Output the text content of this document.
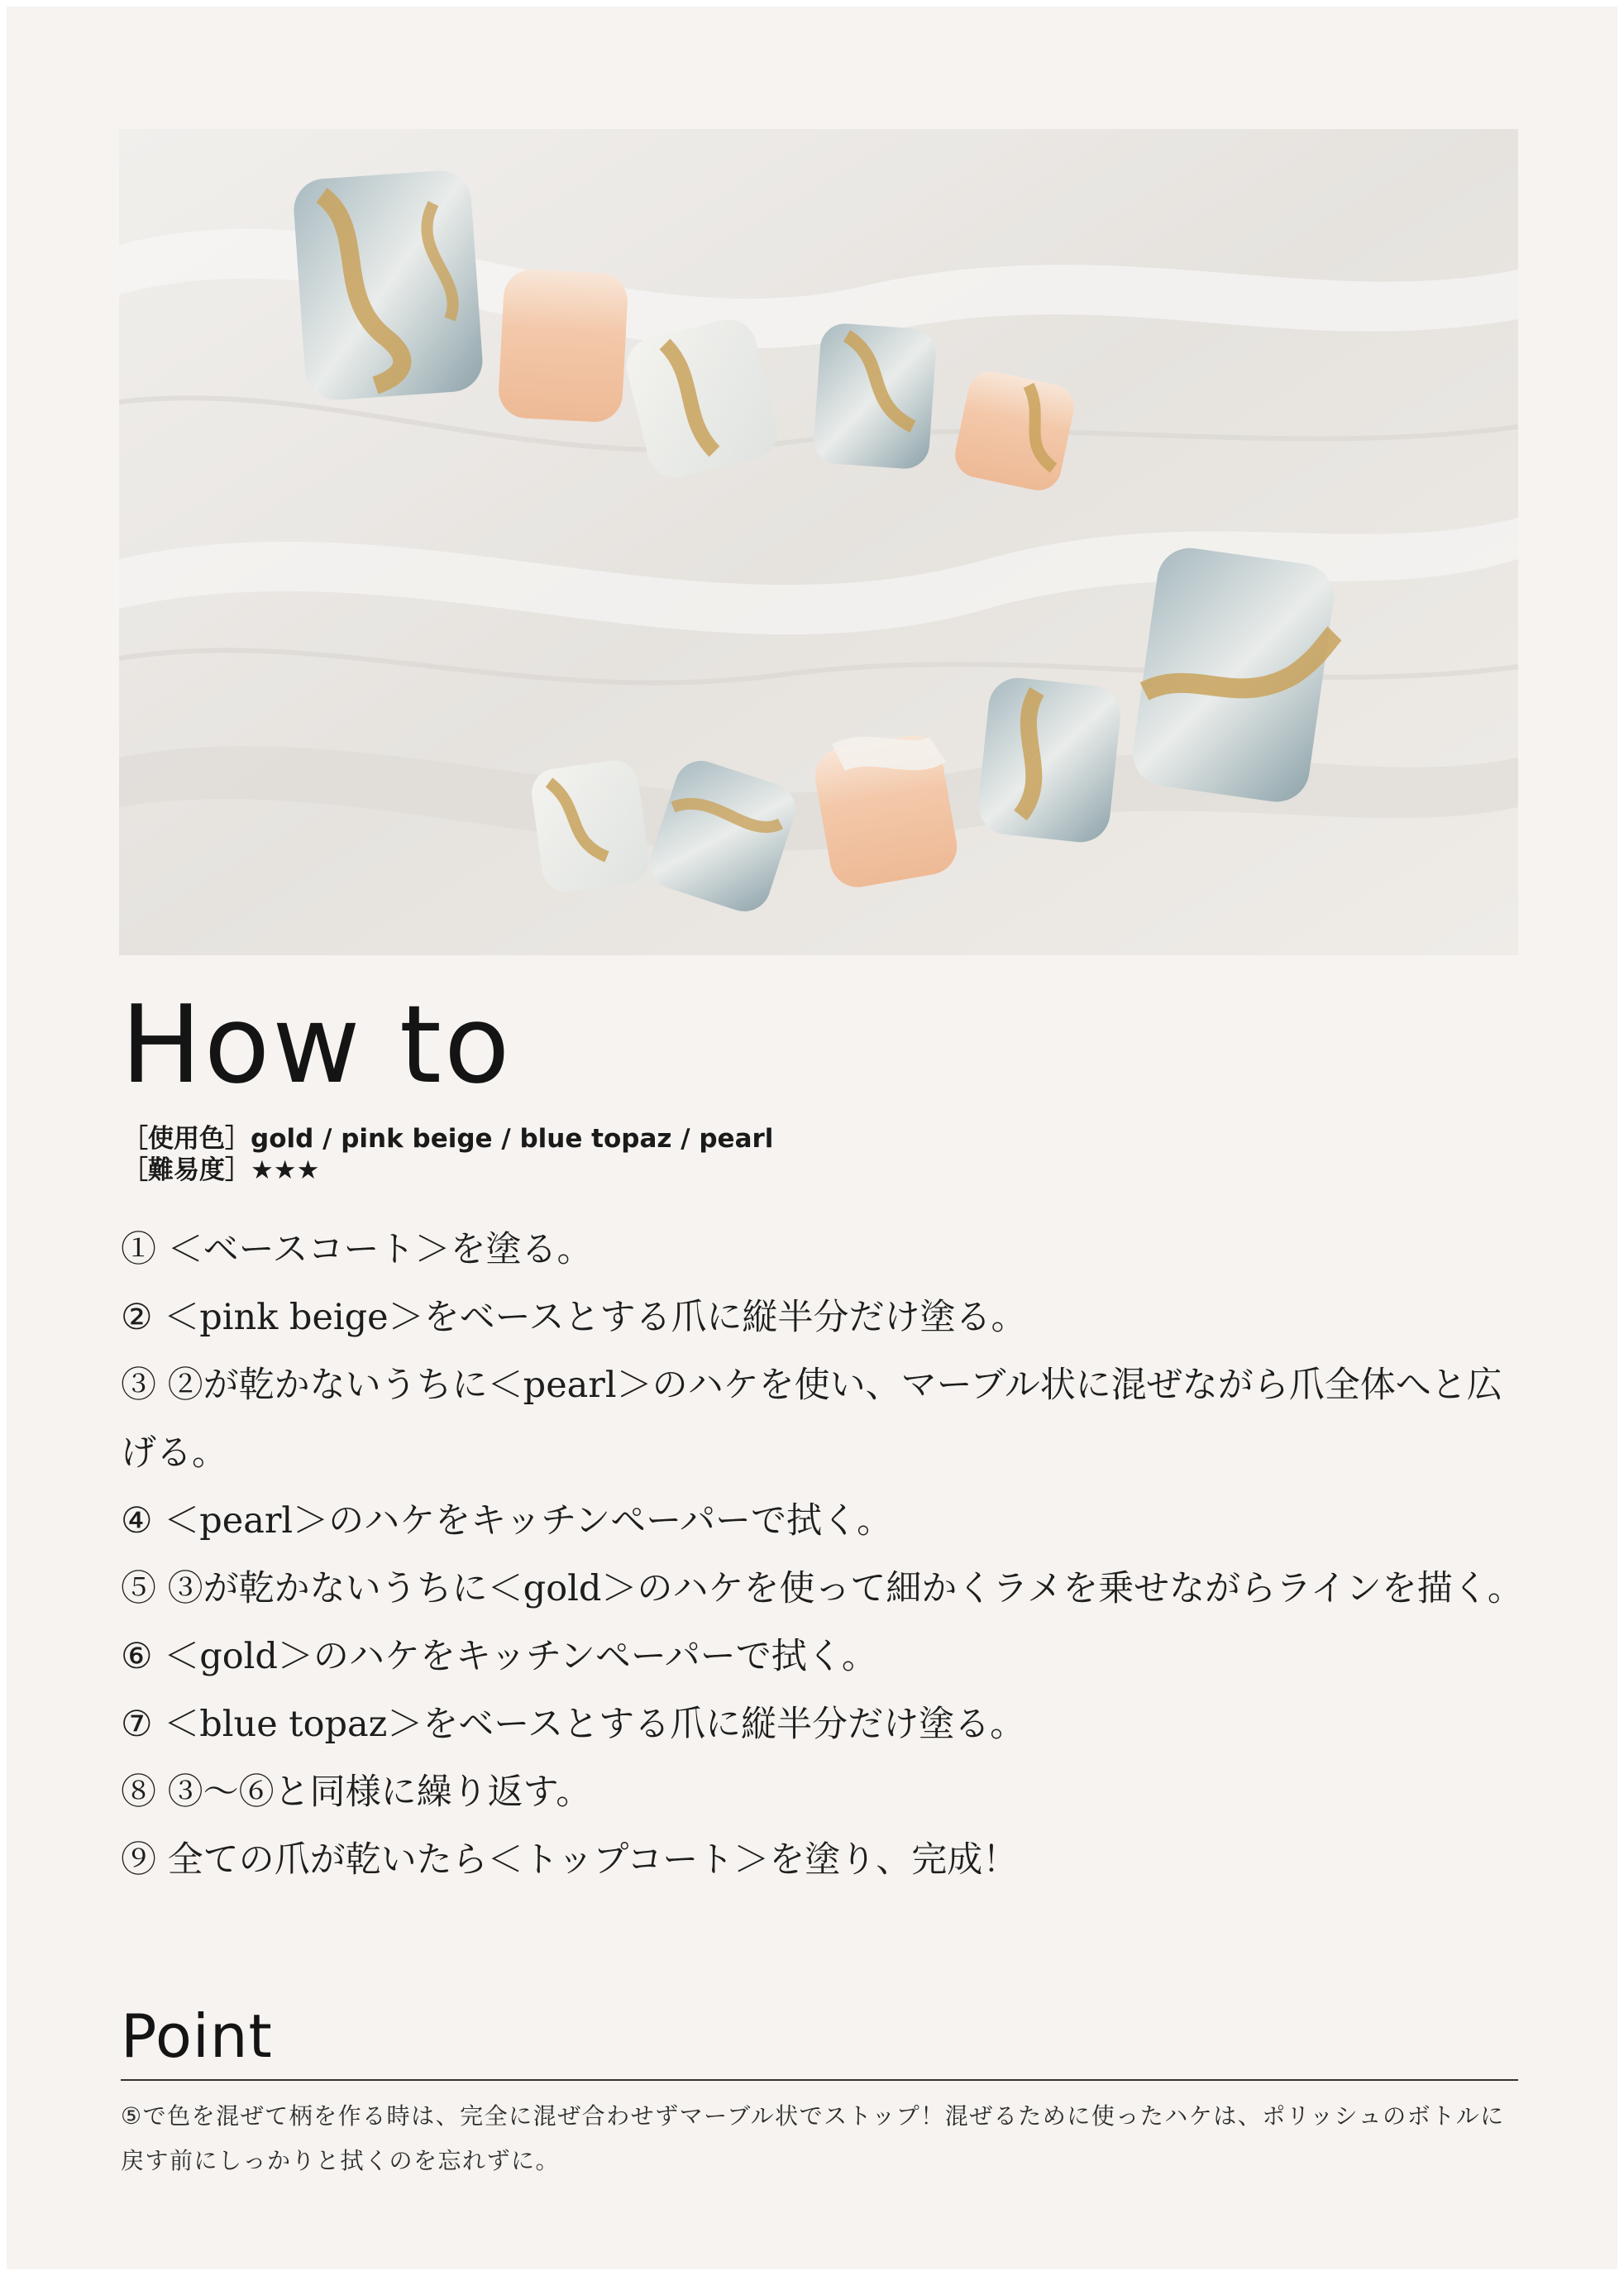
How to
［使用色］gold / pink beige / blue topaz / pearl
［難易度］★★★
① ＜ベースコート＞を塗る。
② ＜pink beige＞をベースとする爪に縦半分だけ塗る。
③ ②が乾かないうちに＜pearl＞のハケを使い、マーブル状に混ぜながら爪全体へと広げる。
④ ＜pearl＞のハケをキッチンペーパーで拭く。
⑤ ③が乾かないうちに＜gold＞のハケを使って細かくラメを乗せながらラインを描く。
⑥ ＜gold＞のハケをキッチンペーパーで拭く。
⑦ ＜blue topaz＞をベースとする爪に縦半分だけ塗る。
⑧ ③〜⑥と同様に繰り返す。
⑨ 全ての爪が乾いたら＜トップコート＞を塗り、完成！
Point
⑤で色を混ぜて柄を作る時は、完全に混ぜ合わせずマーブル状でストップ！混ぜるために使ったハケは、ポリッシュのボトルに戻す前にしっかりと拭くのを忘れずに。
